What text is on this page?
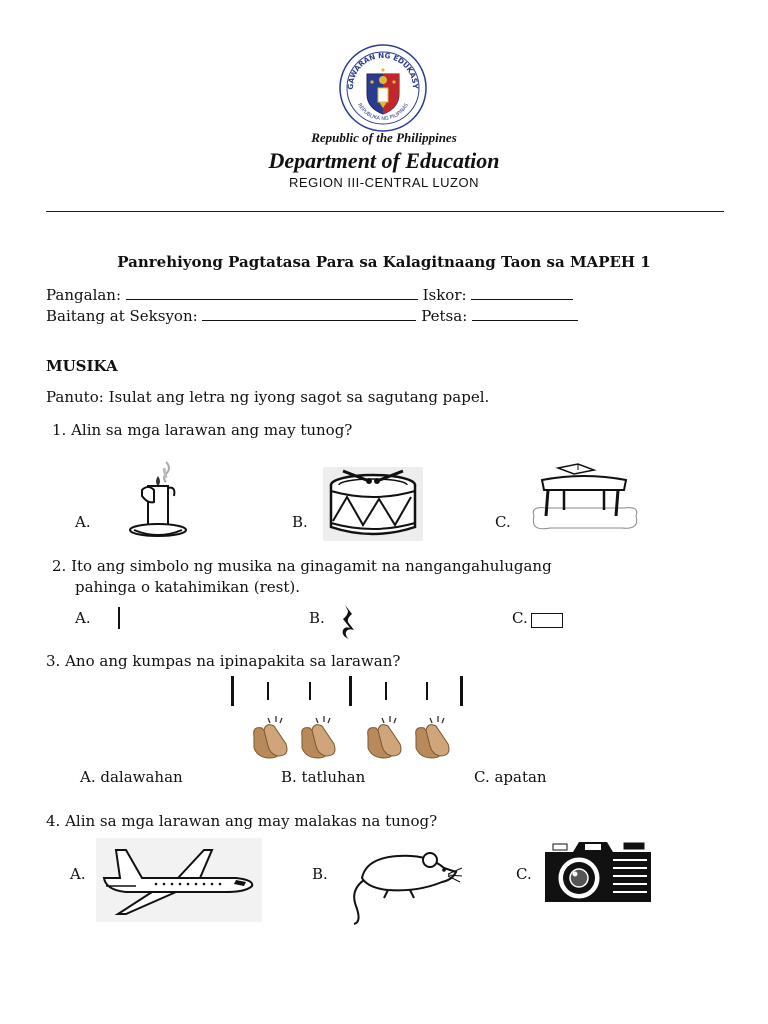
KAGAWARAN NG EDUKASYON
REPUBLIKA NG PILIPINAS
Republic of the Philippines
Department of Education
REGION III-CENTRAL LUZON
Panrehiyong Pagtatasa Para sa Kalagitnaang Taon sa MAPEH 1
Pangalan:	Iskor:
Baitang at Seksyon:	Petsa:
MUSIKA
Panuto: Isulat ang letra ng iyong sagot sa sagutang papel.
1. Alin sa mga larawan ang may tunog?
A.	B.	C.
2. Ito ang simbolo ng musika na ginagamit na nangangahulugang
pahinga o katahimikan (rest).
A.	B.	C.
3. Ano ang kumpas na ipinapakita sa larawan?
A. dalawahan	B. tatluhan	C. apatan
4. Alin sa mga larawan ang may malakas na tunog?
A.	B.	C.
